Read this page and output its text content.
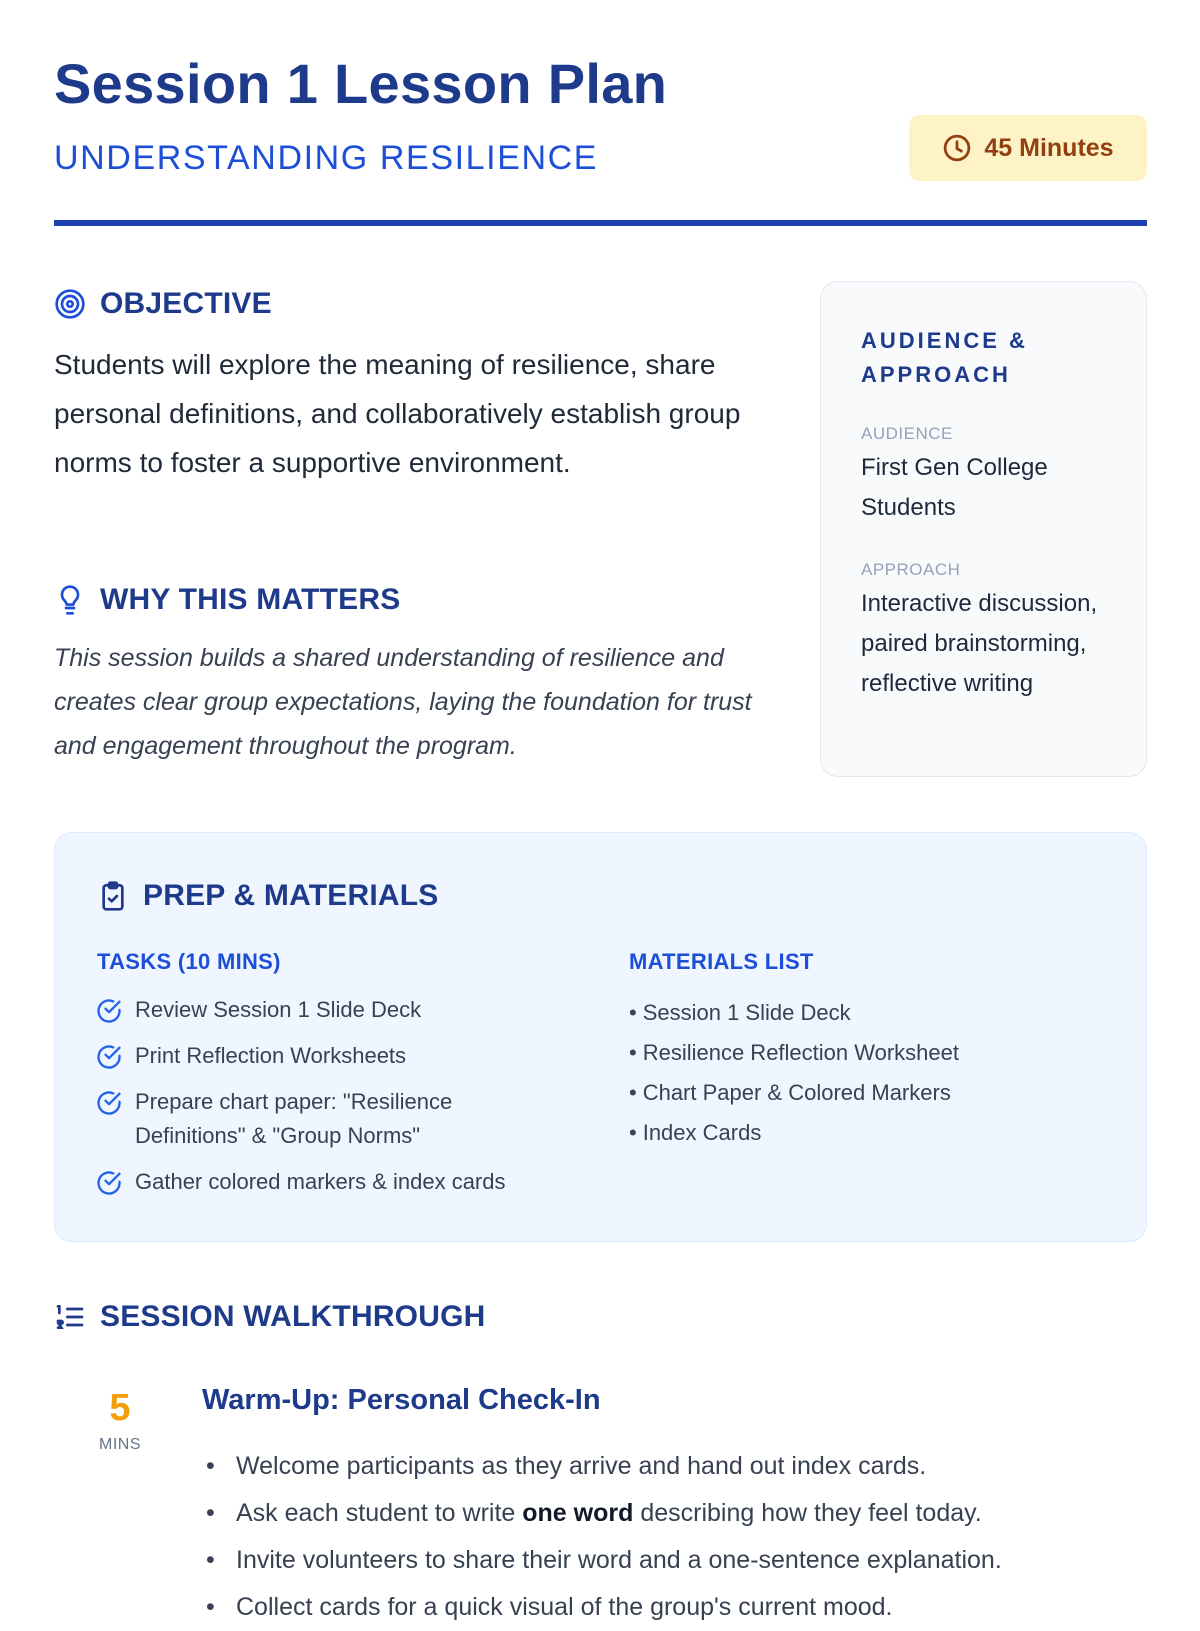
Session 1 Lesson Plan
UNDERSTANDING RESILIENCE	45 Minutes
OBJECTIVE

Students will explore the meaning of resilience, share personal definitions, and collaboratively establish group norms to foster a supportive environment.

WHY THIS MATTERS

This session builds a shared understanding of resilience and creates clear group expectations, laying the foundation for trust and engagement throughout the program.

AUDIENCE & APPROACH
AUDIENCE
First Gen College Students
APPROACH
Interactive discussion, paired brainstorming, reflective writing
PREP & MATERIALS
TASKS (10 MINS)
Review Session 1 Slide Deck
Print Reflection Worksheets
Prepare chart paper: "Resilience Definitions" & "Group Norms"
Gather colored markers & index cards
MATERIALS LIST
• Session 1 Slide Deck
• Resilience Reflection Worksheet
• Chart Paper & Colored Markers
• Index Cards
SESSION WALKTHROUGH
5
MINS
Warm-Up: Personal Check-In
• Welcome participants as they arrive and hand out index cards.
• Ask each student to write one word describing how they feel today.
• Invite volunteers to share their word and a one-sentence explanation.
• Collect cards for a quick visual of the group's current mood.
